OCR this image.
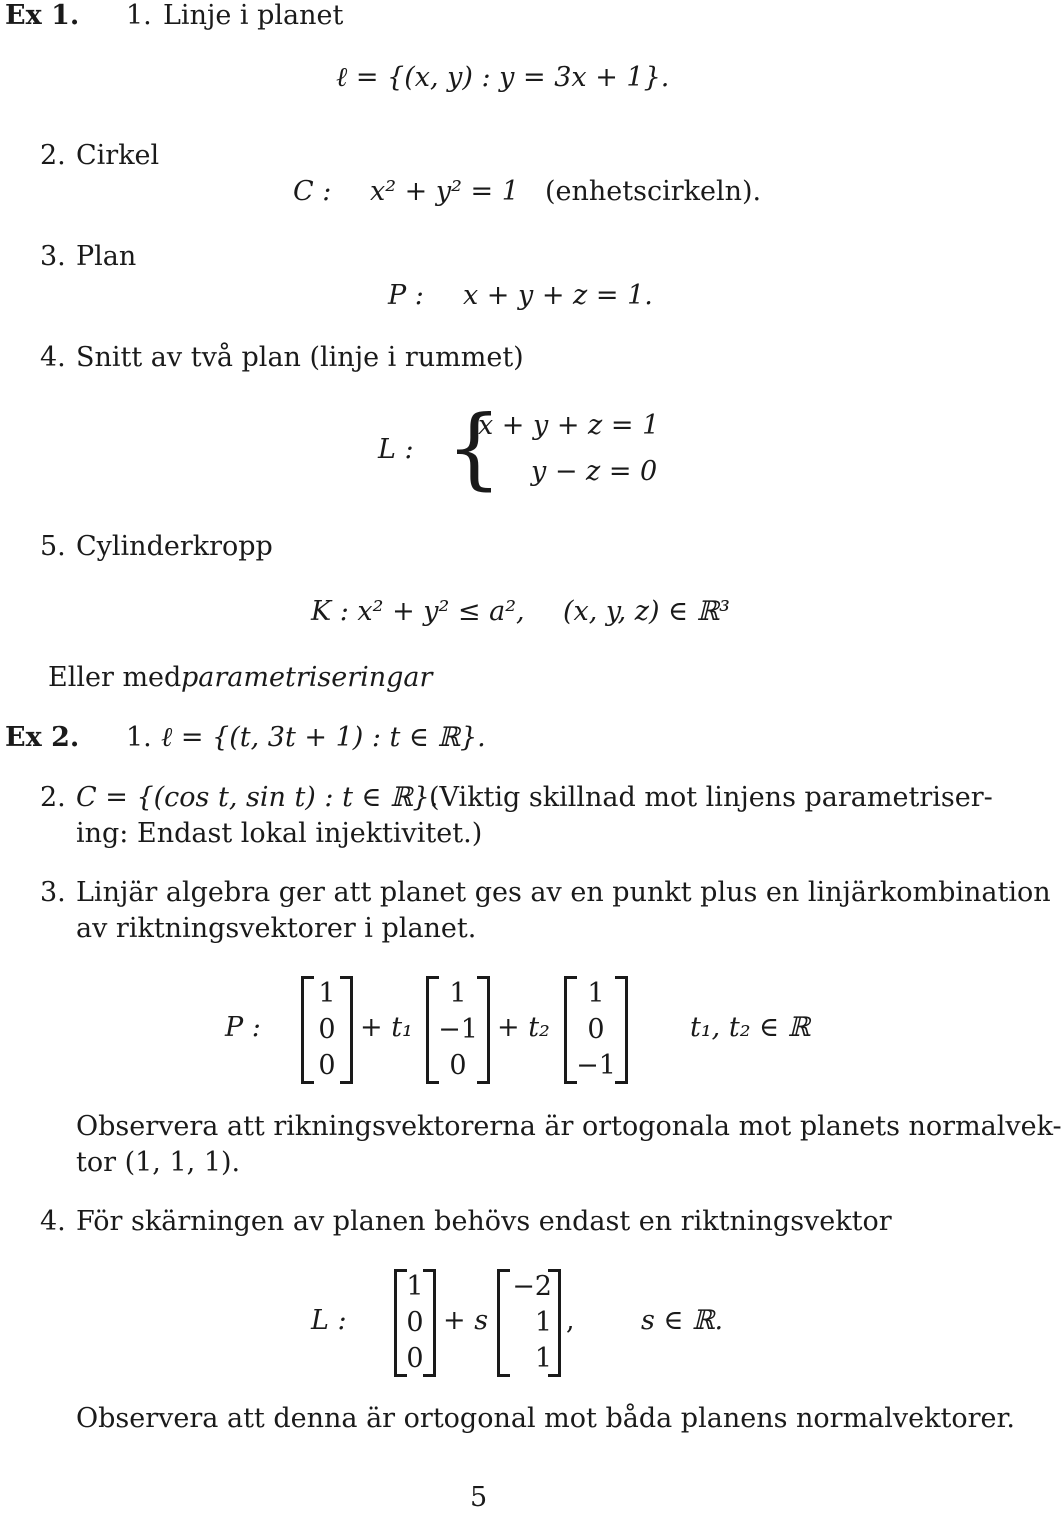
Ex 1. 1. Linje i planet
ℓ = {(x, y) : y = 3x + 1}.
2. Cirkel
C : x² + y² = 1 (enhetscirkeln).
3. Plan
P : x + y + z = 1.
4. Snitt av två plan (linje i rummet)
L : {
x + y + z = 1
y − z = 0
5. Cylinderkropp
K : x² + y² ≤ a², (x, y, z) ∈ ℝ³
Eller med parametriseringar
Ex 2. 1. ℓ = {(t, 3t + 1) : t ∈ ℝ}.
2. C = {(cos t, sin t) : t ∈ ℝ}.
(Viktig skillnad mot linjens parametriser-
ing: Endast lokal injektivitet.)
3. Linjär algebra ger att planet ges av en punkt plus en linjärkombination
av riktningsvektorer i planet.
P :
1
0
0
+ t₁
1
−1
0
+ t₂
1
0
−1
t₁, t₂ ∈ ℝ
Observera att rikningsvektorerna är ortogonala mot planets normalvek-
tor (1, 1, 1).
4. För skärningen av planen behövs endast en riktningsvektor
L :
1
0
0
+ s
−2
1
1
, s ∈ ℝ.
Observera att denna är ortogonal mot båda planens normalvektorer.
5
